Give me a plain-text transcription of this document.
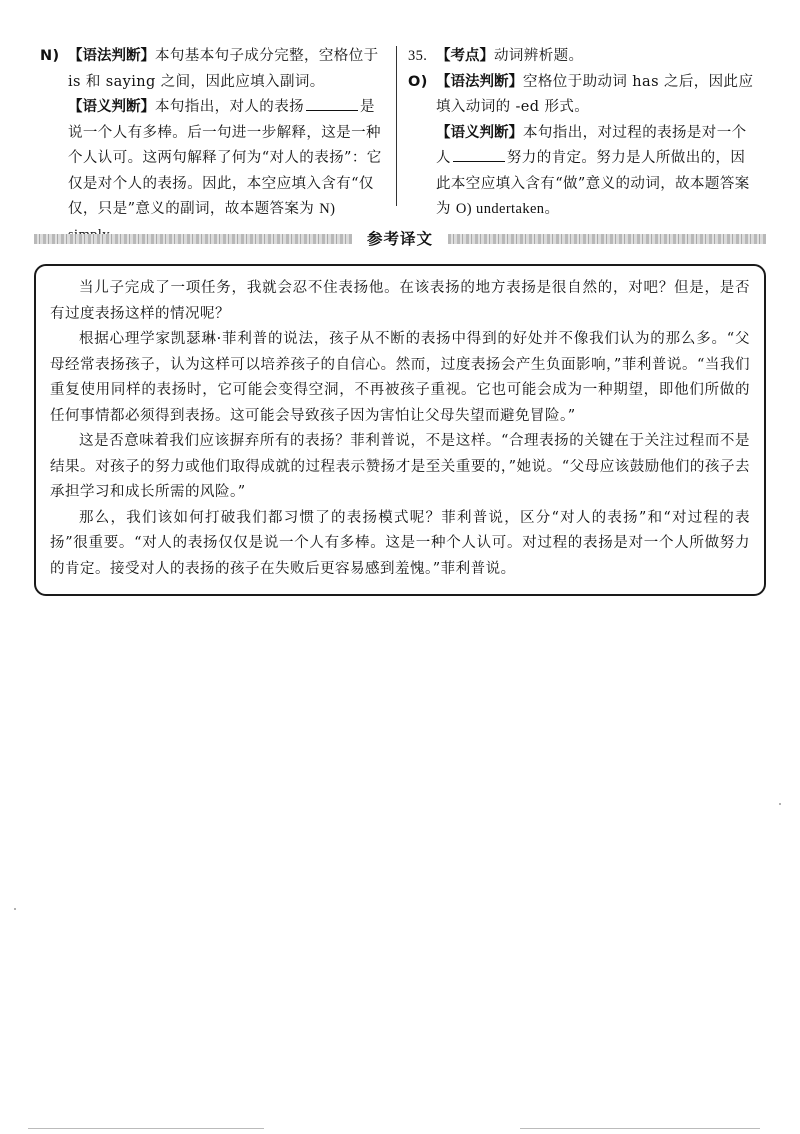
N) 【语法判断】本句基本句子成分完整，空格位于 is 和 saying 之间，因此应填入副词。
【语义判断】本句指出，对人的表扬	是说一个人有多棒。后一句进一步解释，这是一种个人认可。这两句解释了何为“对人的表扬”：它仅是对个人的表扬。因此，本空应填入含有“仅仅，只是”意义的副词，故本题答案为 N)
35. 【考点】动词辨析题。
O) 【语法判断】空格位于助动词 has 之后，因此应填入动词的 -ed 形式。
【语义判断】本句指出，对过程的表扬是对一个人	努力的肯定。努力是人所做出的，因此本空应填入含有“做”意义的动词，故本题答案为 O) undertaken。
参考译文

当儿子完成了一项任务，我就会忍不住表扬他。在该表扬的地方表扬是很自然的，对吧？但是，是否有过度表扬这样的情况呢？

根据心理学家凯瑟琳·菲利普的说法，孩子从不断的表扬中得到的好处并不像我们认为的那么多。“父母经常表扬孩子，认为这样可以培养孩子的自信心。然而，过度表扬会产生负面影响，”菲利普说。“当我们重复使用同样的表扬时，它可能会变得空洞，不再被孩子重视。它也可能会成为一种期望，即他们所做的任何事情都必须得到表扬。这可能会导致孩子因为害怕让父母失望而避免冒险。”

这是否意味着我们应该摒弃所有的表扬？菲利普说，不是这样。“合理表扬的关键在于关注过程而不是结果。对孩子的努力或他们取得成就的过程表示赞扬才是至关重要的，”她说。“父母应该鼓励他们的孩子去承担学习和成长所需的风险。”

那么，我们该如何打破我们都习惯了的表扬模式呢？菲利普说，区分“对人的表扬”和“对过程的表扬”很重要。“对人的表扬仅仅是说一个人有多棒。这是一种个人认可。对过程的表扬是对一个人所做努力的肯定。接受对人的表扬的孩子在失败后更容易感到羞愧。”菲利普说。
